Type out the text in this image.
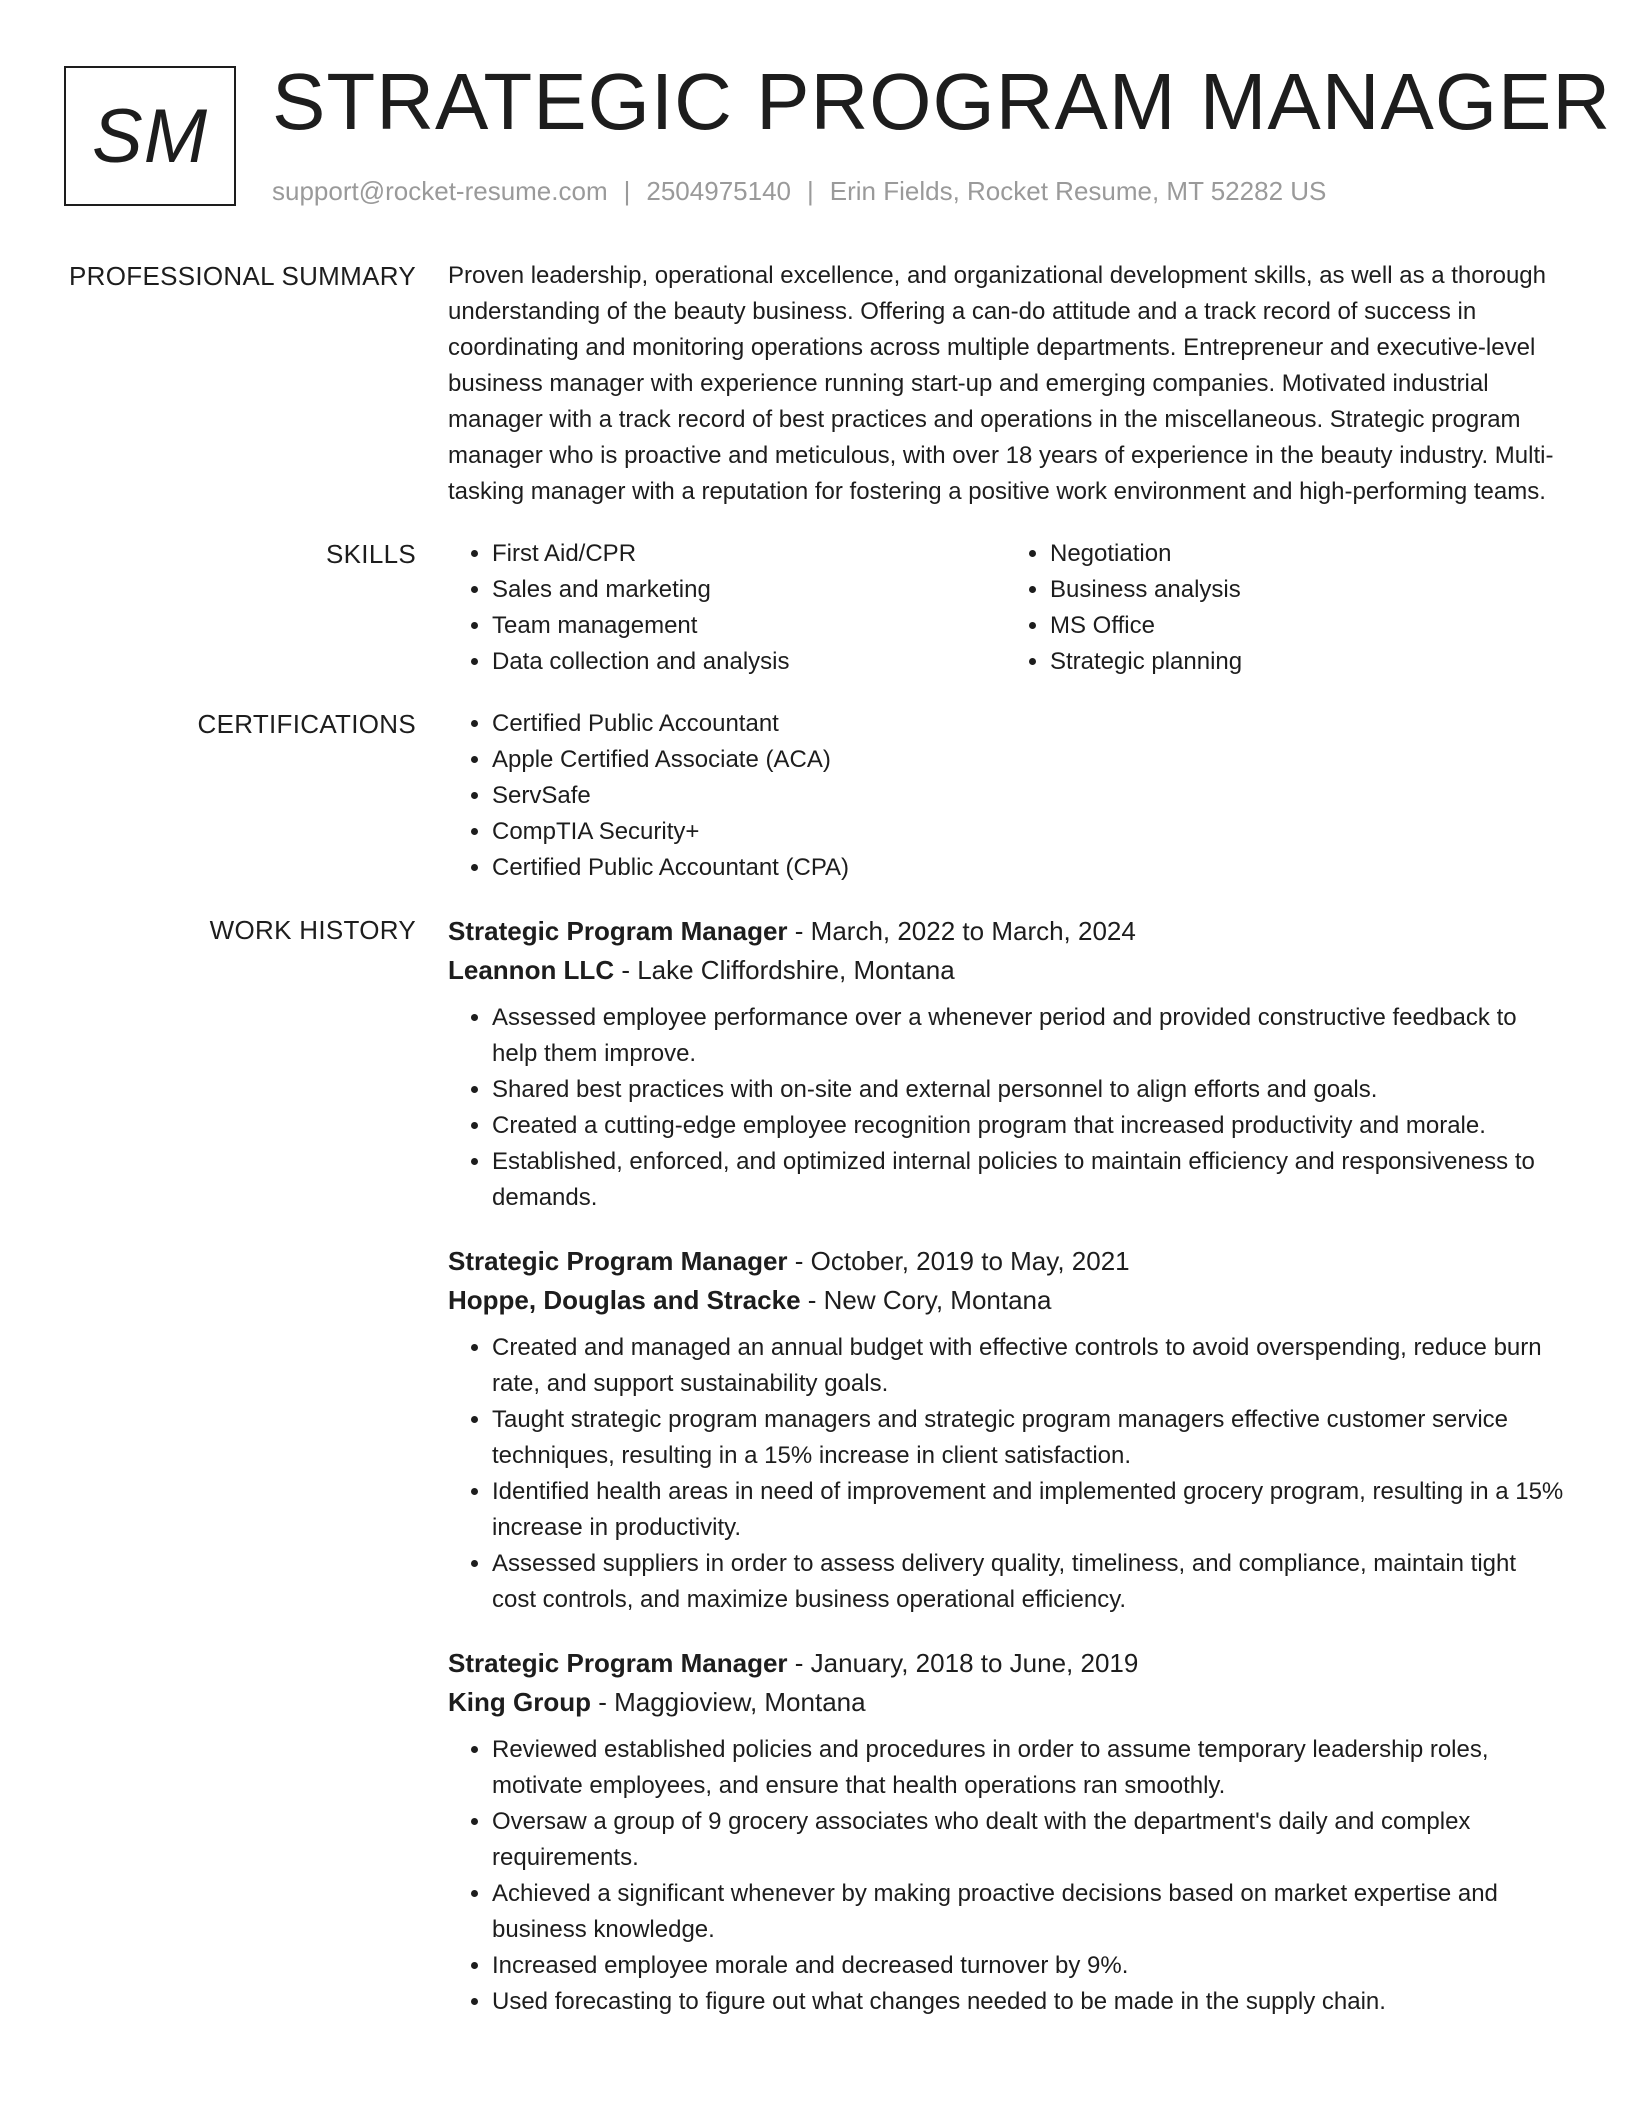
SM STRATEGIC PROGRAM MANAGER
support@rocket-resume.com | 2504975140 | Erin Fields, Rocket Resume, MT 52282 US
PROFESSIONAL SUMMARY Proven leadership, operational excellence, and organizational development skills, as well as a thorough understanding of the beauty business. Offering a can-do attitude and a track record of success in coordinating and monitoring operations across multiple departments. Entrepreneur and executive-level business manager with experience running start-up and emerging companies. Motivated industrial manager with a track record of best practices and operations in the miscellaneous. Strategic program manager who is proactive and meticulous, with over 18 years of experience in the beauty industry. Multi-tasking manager with a reputation for fostering a positive work environment and high-performing teams.

SKILLS	• First Aid/CPR
• Sales and marketing
• Team management
• Data collection and analysis
• Negotiation
• Business analysis
• MS Office
• Strategic planning
CERTIFICATIONS	• Certified Public Accountant
• Apple Certified Associate (ACA)
• ServSafe
• CompTIA Security+
• Certified Public Accountant (CPA)
WORK HISTORY Strategic Program Manager - March, 2022 to March, 2024
Leannon LLC - Lake Cliffordshire, Montana
• Assessed employee performance over a whenever period and provided constructive feedback to help them improve.
• Shared best practices with on-site and external personnel to align efforts and goals.
• Created a cutting-edge employee recognition program that increased productivity and morale.
• Established, enforced, and optimized internal policies to maintain efficiency and responsiveness to demands.
Strategic Program Manager - October, 2019 to May, 2021
Hoppe, Douglas and Stracke - New Cory, Montana
• Created and managed an annual budget with effective controls to avoid overspending, reduce burn rate, and support sustainability goals.
• Taught strategic program managers and strategic program managers effective customer service techniques, resulting in a 15% increase in client satisfaction.
• Identified health areas in need of improvement and implemented grocery program, resulting in a 15% increase in productivity.
• Assessed suppliers in order to assess delivery quality, timeliness, and compliance, maintain tight cost controls, and maximize business operational efficiency.
Strategic Program Manager - January, 2018 to June, 2019
King Group - Maggioview, Montana
• Reviewed established policies and procedures in order to assume temporary leadership roles, motivate employees, and ensure that health operations ran smoothly.
• Oversaw a group of 9 grocery associates who dealt with the department's daily and complex requirements.
• Achieved a significant whenever by making proactive decisions based on market expertise and business knowledge.
• Increased employee morale and decreased turnover by 9%.
• Used forecasting to figure out what changes needed to be made in the supply chain.
